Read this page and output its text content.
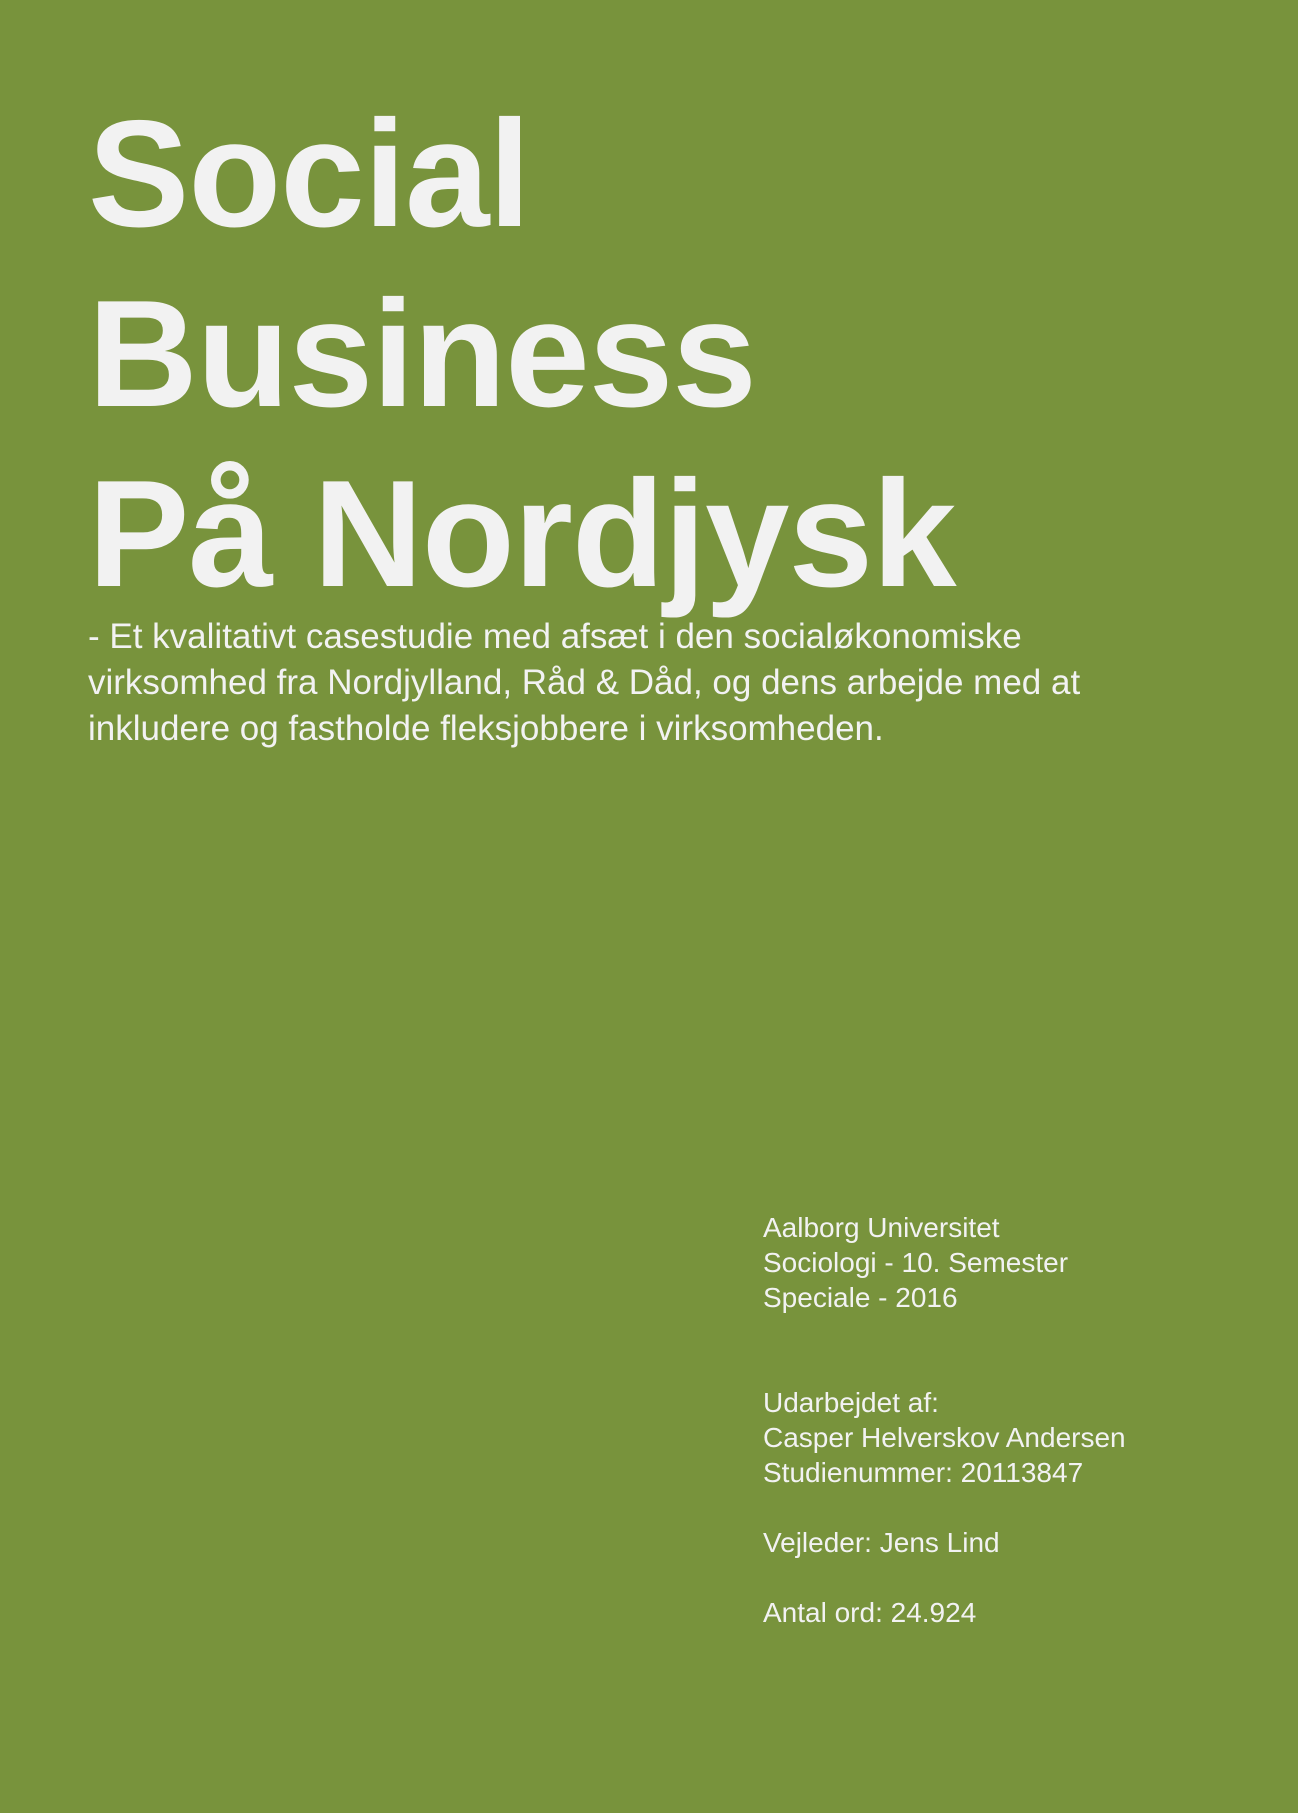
Social
Business
På Nordjysk

- Et kvalitativt casestudie med afsæt i den socialøkonomiske
virksomhed fra Nordjylland, Råd & Dåd, og dens arbejde med at
inkludere og fastholde fleksjobbere i virksomheden.

Aalborg Universitet
Sociologi - 10. Semester
Speciale - 2016
Udarbejdet af:
Casper Helverskov Andersen
Studienummer: 20113847
Vejleder: Jens Lind
Antal ord: 24.924
